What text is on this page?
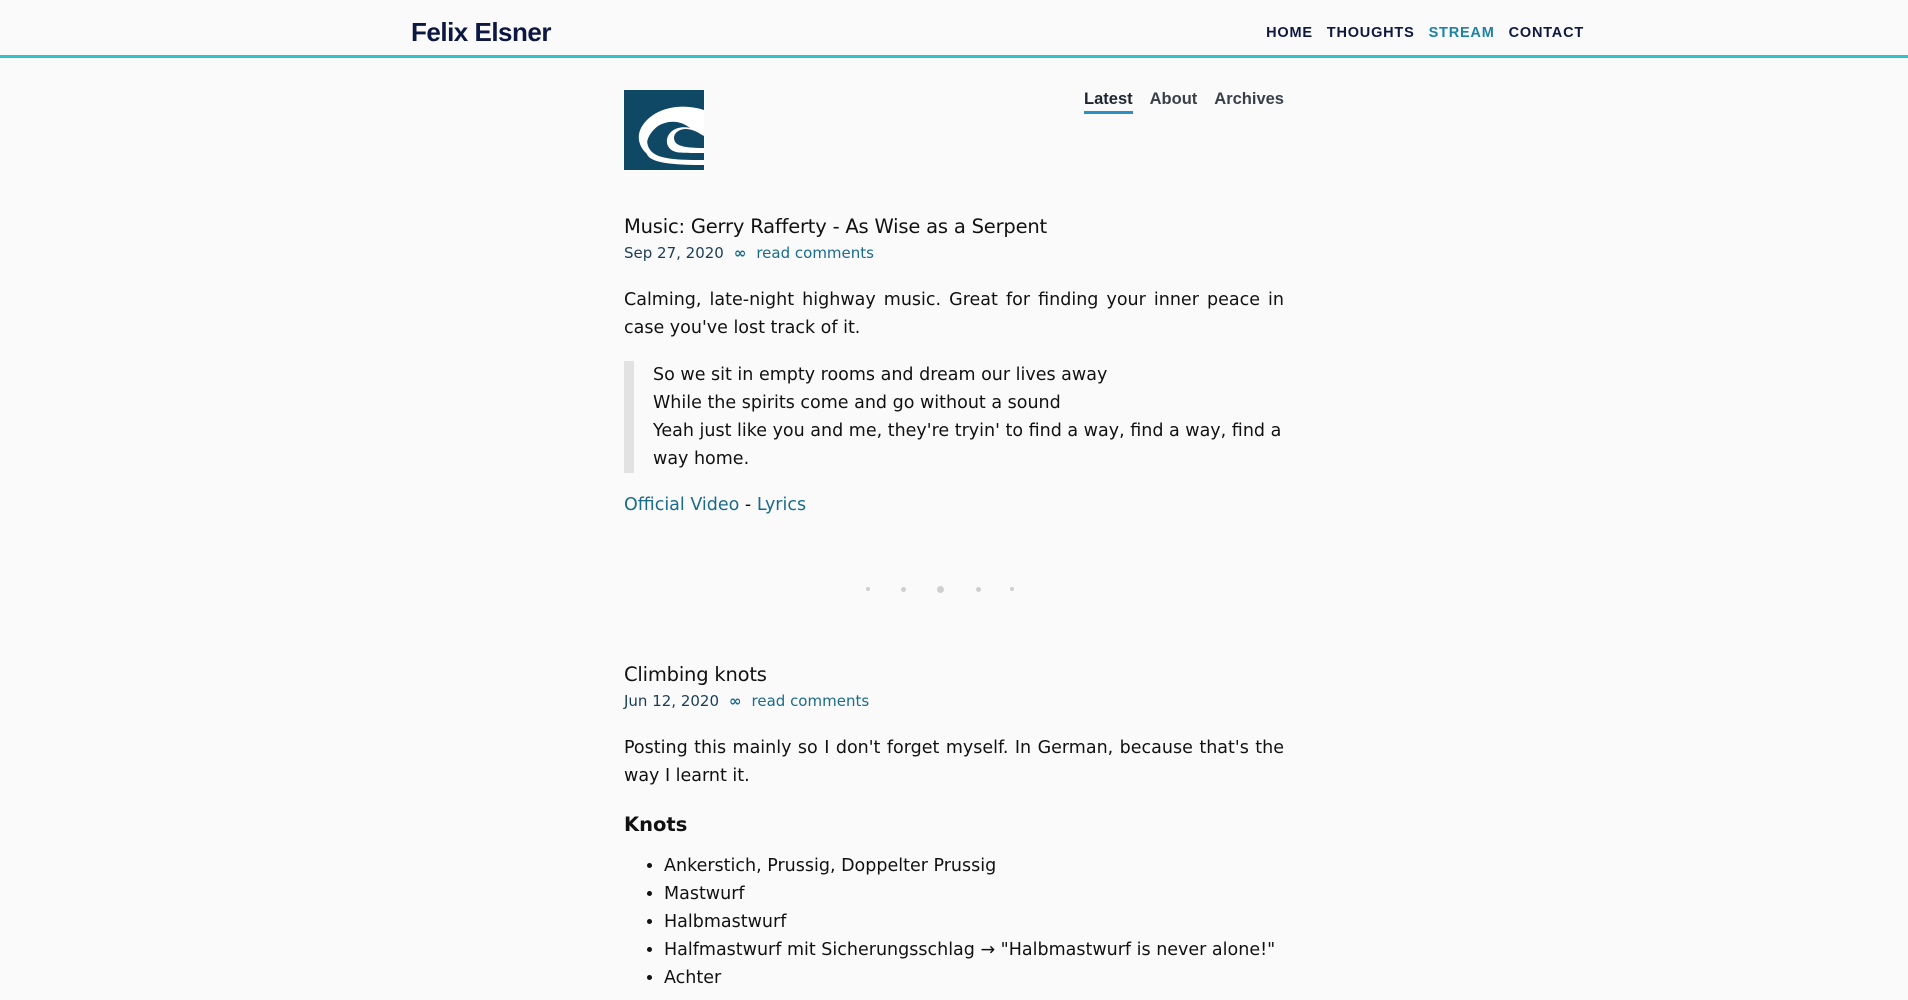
Felix Elsner	HOME THOUGHTS STREAM CONTACT
Latest About Archives
Music: Gerry Rafferty - As Wise as a Serpent
Sep 27, 2020 ∞ read comments

Calming, late-night highway music. Great for finding your inner peace in case you've lost track of it.

So we sit in empty rooms and dream our lives away
While the spirits come and go without a sound
Yeah just like you and me, they're tryin' to find a way, find a way, find a way home.
Official Video - Lyrics
Climbing knots
Jun 12, 2020 ∞ read comments

Posting this mainly so I don't forget myself. In German, because that's the way I learnt it.

Knots
• Ankerstich, Prussig, Doppelter Prussig
• Mastwurf
• Halbmastwurf
• Halfmastwurf mit Sicherungsschlag → "Halbmastwurf is never alone!"
• Achter
